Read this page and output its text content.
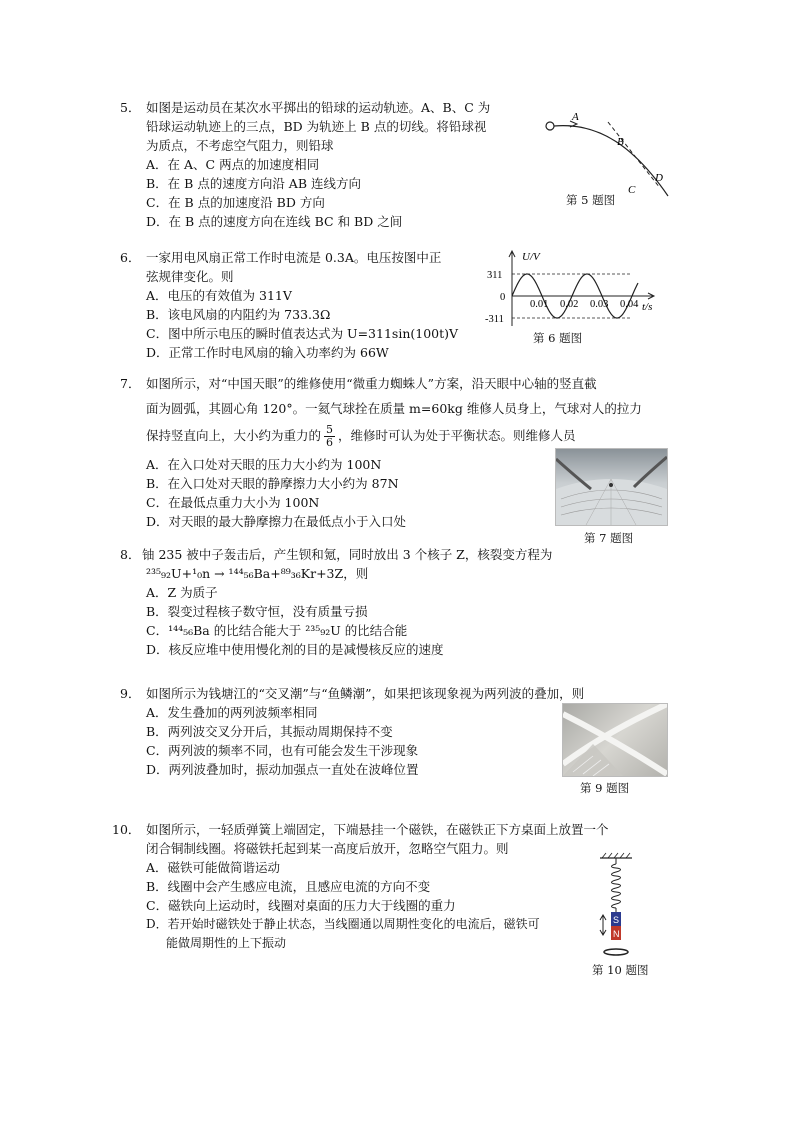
5． 如图是运动员在某次水平掷出的铅球的运动轨迹。A、B、C 为

铅球运动轨迹上的三点，BD 为轨迹上 B 点的切线。将铅球视

为质点，不考虑空气阻力，则铅球

A．在 A、C 两点的加速度相同

B．在 B 点的速度方向沿 AB 连线方向

C．在 B 点的加速度沿 BD 方向

D．在 B 点的速度方向在连线 BC 和 BD 之间

A
B
C
D
第 5 题图

6． 一家用电风扇正常工作时电流是 0.3A。电压按图中正

弦规律变化。则

A．电压的有效值为 311V

B．该电风扇的内阻约为 733.3Ω

C．图中所示电压的瞬时值表达式为 U=311sin(100t)V

D．正常工作时电风扇的输入功率约为 66W

U/V
t/s
311
0
-311
0.01 0.02 0.03 0.04
第 6 题图

7． 如图所示，对“中国天眼”的维修使用“微重力蜘蛛人”方案，沿天眼中心轴的竖直截

面为圆弧，其圆心角 120°。一氦气球拴在质量 m=60kg 维修人员身上，气球对人的拉力

保持竖直向上，大小约为重力的 $\frac{5}{6}$ ，维修时可认为处于平衡状态。则维修人员

A．在入口处对天眼的压力大小约为 100N

B．在入口处对天眼的静摩擦力大小约为 87N

C．在最低点重力大小为 100N

D．对天眼的最大静摩擦力在最低点小于入口处

第 7 题图

8． 铀 235 被中子轰击后，产生钡和氪，同时放出 3 个核子 Z，核裂变方程为

²³⁵₉₂U+¹₀n → ¹⁴⁴₅₆Ba+⁸⁹₃₆Kr+3Z，则

A．Z 为质子

B．裂变过程核子数守恒，没有质量亏损

C．¹⁴⁴₅₆Ba 的比结合能大于 ²³⁵₉₂U 的比结合能

D．核反应堆中使用慢化剂的目的是减慢核反应的速度

9． 如图所示为钱塘江的“交叉潮”与“鱼鳞潮”，如果把该现象视为两列波的叠加，则

A．发生叠加的两列波频率相同

B．两列波交叉分开后，其振动周期保持不变

C．两列波的频率不同，也有可能会发生干涉现象

D．两列波叠加时，振动加强点一直处在波峰位置

第 9 题图

10． 如图所示，一轻质弹簧上端固定，下端悬挂一个磁铁，在磁铁正下方桌面上放置一个

闭合铜制线圈。将磁铁托起到某一高度后放开，忽略空气阻力。则

A．磁铁可能做简谐运动

B．线圈中会产生感应电流，且感应电流的方向不变

C．磁铁向上运动时，线圈对桌面的压力大于线圈的重力

D．若开始时磁铁处于静止状态，当线圈通以周期性变化的电流后，磁铁可

能做周期性的上下振动

S
N
第 10 题图
